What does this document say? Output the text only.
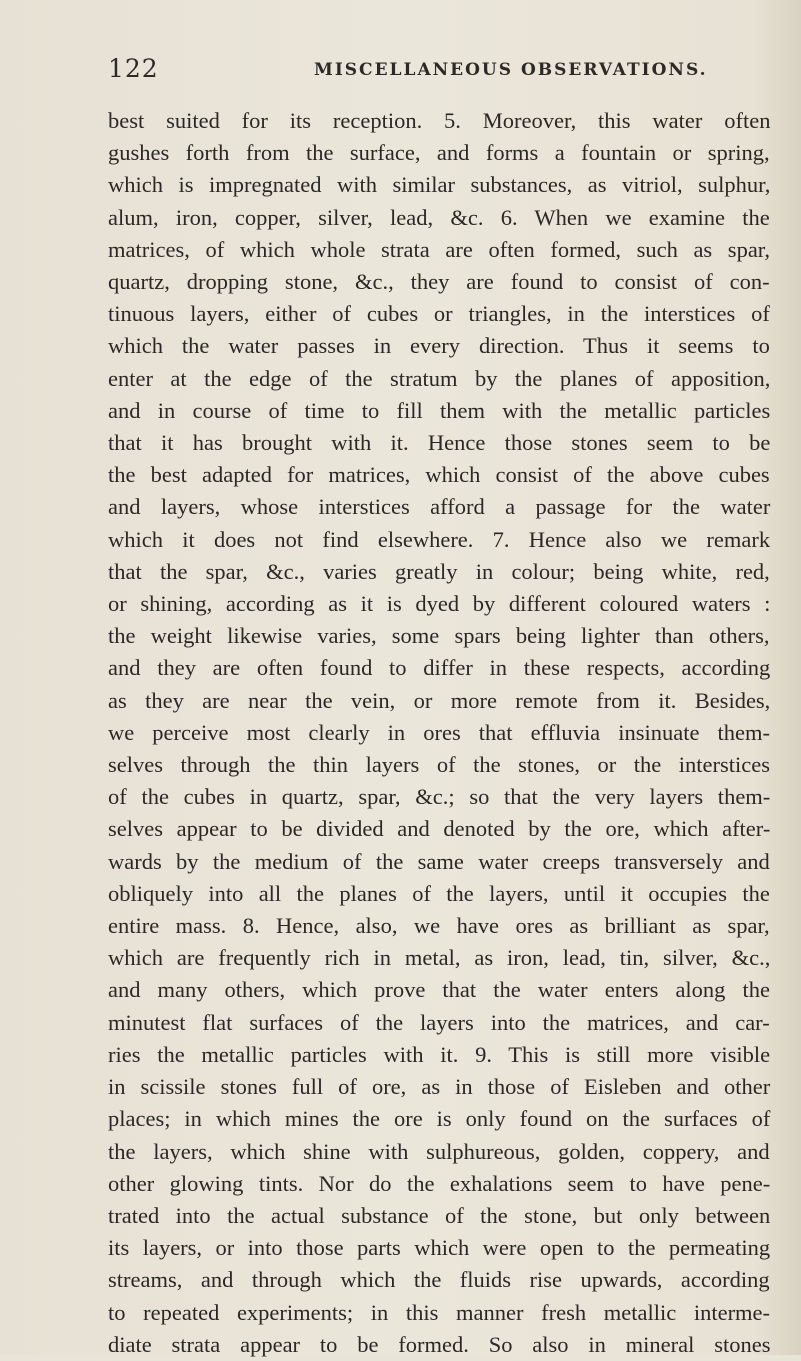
122	MISCELLANEOUS OBSERVATIONS.
best suited for its reception. 5. Moreover, this water often
gushes forth from the surface, and forms a fountain or spring,
which is impregnated with similar substances, as vitriol, sulphur,
alum, iron, copper, silver, lead, &c. 6. When we examine the
matrices, of which whole strata are often formed, such as spar,
quartz, dropping stone, &c., they are found to consist of con-
tinuous layers, either of cubes or triangles, in the interstices of
which the water passes in every direction. Thus it seems to
enter at the edge of the stratum by the planes of apposition,
and in course of time to fill them with the metallic particles
that it has brought with it. Hence those stones seem to be
the best adapted for matrices, which consist of the above cubes
and layers, whose interstices afford a passage for the water
which it does not find elsewhere. 7. Hence also we remark
that the spar, &c., varies greatly in colour; being white, red,
or shining, according as it is dyed by different coloured waters :
the weight likewise varies, some spars being lighter than others,
and they are often found to differ in these respects, according
as they are near the vein, or more remote from it. Besides,
we perceive most clearly in ores that effluvia insinuate them-
selves through the thin layers of the stones, or the interstices
of the cubes in quartz, spar, &c.; so that the very layers them-
selves appear to be divided and denoted by the ore, which after-
wards by the medium of the same water creeps transversely and
obliquely into all the planes of the layers, until it occupies the
entire mass. 8. Hence, also, we have ores as brilliant as spar,
which are frequently rich in metal, as iron, lead, tin, silver, &c.,
and many others, which prove that the water enters along the
minutest flat surfaces of the layers into the matrices, and car-
ries the metallic particles with it. 9. This is still more visible
in scissile stones full of ore, as in those of Eisleben and other
places; in which mines the ore is only found on the surfaces of
the layers, which shine with sulphureous, golden, coppery, and
other glowing tints. Nor do the exhalations seem to have pene-
trated into the actual substance of the stone, but only between
its layers, or into those parts which were open to the permeating
streams, and through which the fluids rise upwards, according
to repeated experiments; in this manner fresh metallic interme-
diate strata appear to be formed. So also in mineral stones
